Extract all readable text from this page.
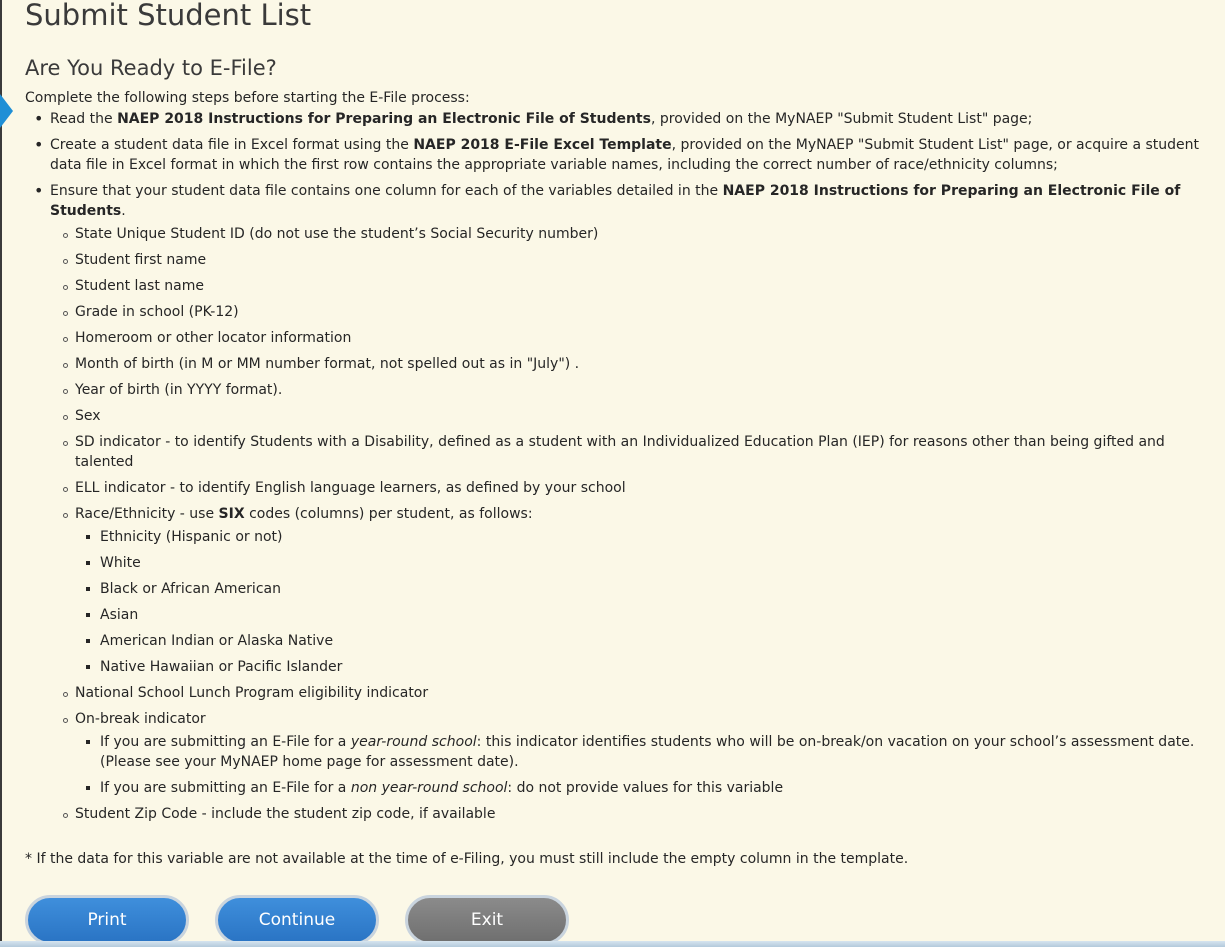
Submit Student List
Are You Ready to E-File?

Complete the following steps before starting the E-File process:

• Read the NAEP 2018 Instructions for Preparing an Electronic File of Students, provided on the MyNAEP "Submit Student List" page;
• Create a student data file in Excel format using the NAEP 2018 E-File Excel Template, provided on the MyNAEP "Submit Student List" page, or acquire a student data file in Excel format in which the first row contains the appropriate variable names, including the correct number of race/ethnicity columns;
• Ensure that your student data file contains one column for each of the variables detailed in the NAEP 2018 Instructions for Preparing an Electronic File of Students.
State Unique Student ID (do not use the student’s Social Security number)
Student first name
Student last name
Grade in school (PK-12)
Homeroom or other locator information
Month of birth (in M or MM number format, not spelled out as in "July") .
Year of birth (in YYYY format).
Sex
SD indicator - to identify Students with a Disability, defined as a student with an Individualized Education Plan (IEP) for reasons other than being gifted and talented
ELL indicator - to identify English language learners, as defined by your school
Race/Ethnicity - use SIX codes (columns) per student, as follows:
Ethnicity (Hispanic or not)
White
Black or African American
Asian
American Indian or Alaska Native
Native Hawaiian or Pacific Islander
National School Lunch Program eligibility indicator
On-break indicator
If you are submitting an E-File for a year-round school: this indicator identifies students who will be on-break/on vacation on your school’s assessment date. (Please see your MyNAEP home page for assessment date).
If you are submitting an E-File for a non year-round school: do not provide values for this variable
Student Zip Code - include the student zip code, if available

* If the data for this variable are not available at the time of e-Filing, you must still include the empty column in the template.

Print	Continue	Exit
